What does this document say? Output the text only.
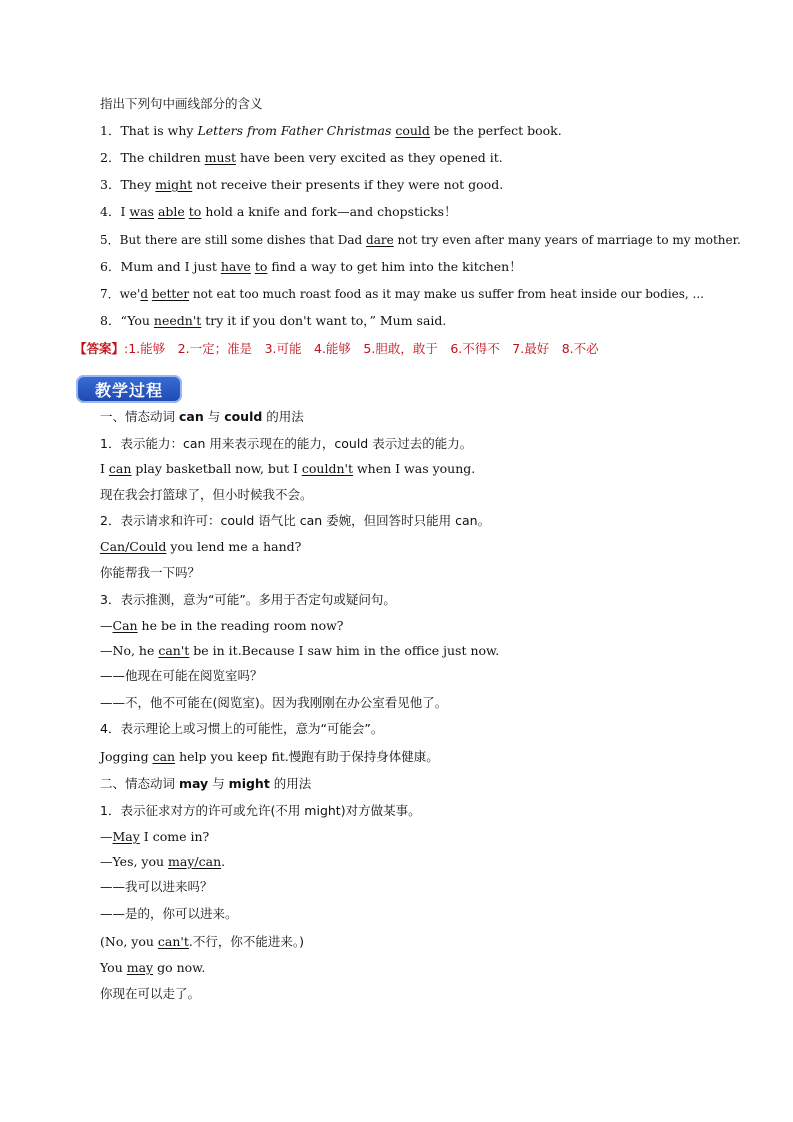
指出下列句中画线部分的含义
1．That is why Letters from Father Christmas could be the perfect book.
2．The children must have been very excited as they opened it.
3．They might not receive their presents if they were not good.
4．I was able to hold a knife and fork—and chopsticks！
5．But there are still some dishes that Dad dare not try even after many years of marriage to my mother.
6．Mum and I just have to find a way to get him into the kitchen！
7．we'd better not eat too much roast food as it may make us suffer from heat inside our bodies, ...
8．“You needn't try it if you don't want to，” Mum said.
【答案】:1.能够　2.一定；准是　3.可能　4.能够　5.胆敢，敢于　6.不得不　7.最好　8.不必
教学过程
一、情态动词 can 与 could 的用法
1．表示能力：can 用来表示现在的能力，could 表示过去的能力。
I can play basketball now, but I couldn't when I was young.
现在我会打篮球了，但小时候我不会。
2．表示请求和许可：could 语气比 can 委婉，但回答时只能用 can。
Can/Could you lend me a hand?
你能帮我一下吗？
3．表示推测，意为“可能”。多用于否定句或疑问句。
—Can he be in the reading room now?
—No, he can't be in it.Because I saw him in the office just now.
——他现在可能在阅览室吗？
——不，他不可能在(阅览室)。因为我刚刚在办公室看见他了。
4．表示理论上或习惯上的可能性，意为“可能会”。
Jogging can help you keep fit.慢跑有助于保持身体健康。
二、情态动词 may 与 might 的用法
1．表示征求对方的许可或允许(不用 might)对方做某事。
—May I come in?
—Yes, you may/can.
——我可以进来吗？
——是的，你可以进来。
(No, you can't.不行，你不能进来。)
You may go now.
你现在可以走了。
